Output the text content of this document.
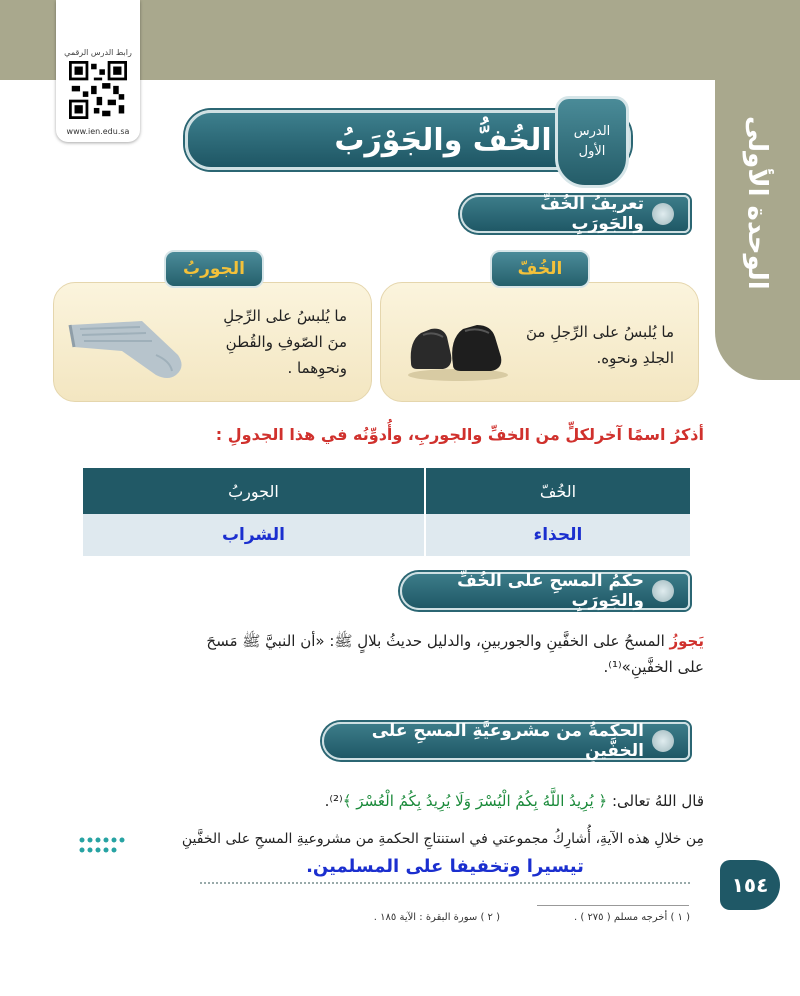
الوحدة الأولى
رابط الدرس الرقمي
www.ien.edu.sa	الخُفُّ والجَوْرَبُ	الدرس
الأول
تعريفُ الخُفِّ والجَورَبِ
ما يُلبسُ على الرِّجلِ منَ
الجلدِ ونحوِه.
الخُفّ
ما يُلبسُ على الرِّجلِ
منَ الصّوفِ والقُطنِ
ونحوِهما .
الجوربُ
أذكرُ اسمًا آخرلكلٍّ من الخفِّ والجوربِ، وأُدوِّنُه في هذا الجدولِ :
الخُفّ	الجوربُ
الحذاء	الشراب
حكمُ المسحِ على الخُفِّ والجَورَبِ
يَجوزُ المسحُ على الخفَّينِ والجوربينِ، والدليل حديثُ بلالٍ ﷺ: «أن النبيَّ ﷺ مَسحَ
على الخفَّينِ»⁽¹⁾.
الحكمةُ من مشروعيَّةِ المسحِ على الخفَّينِ
قال اللهُ تعالى: ﴿ يُرِيدُ اللَّهُ بِكُمُ الْيُسْرَ وَلَا يُرِيدُ بِكُمُ الْعُسْرَ ﴾⁽²⁾.
مِن خلالِ هذه الآيةِ، أُشارِكُ مجموعتي في استنتاجِ الحكمةِ من مشروعيةِ المسحِ على الخفَّينِ
تيسيرا وتخفيفا على المسلمين.
١٥٤
( ١ ) أخرجه مسلم ( ٢٧٥ ) .
( ٢ ) سورة البقرة : الآية ١٨٥ .
